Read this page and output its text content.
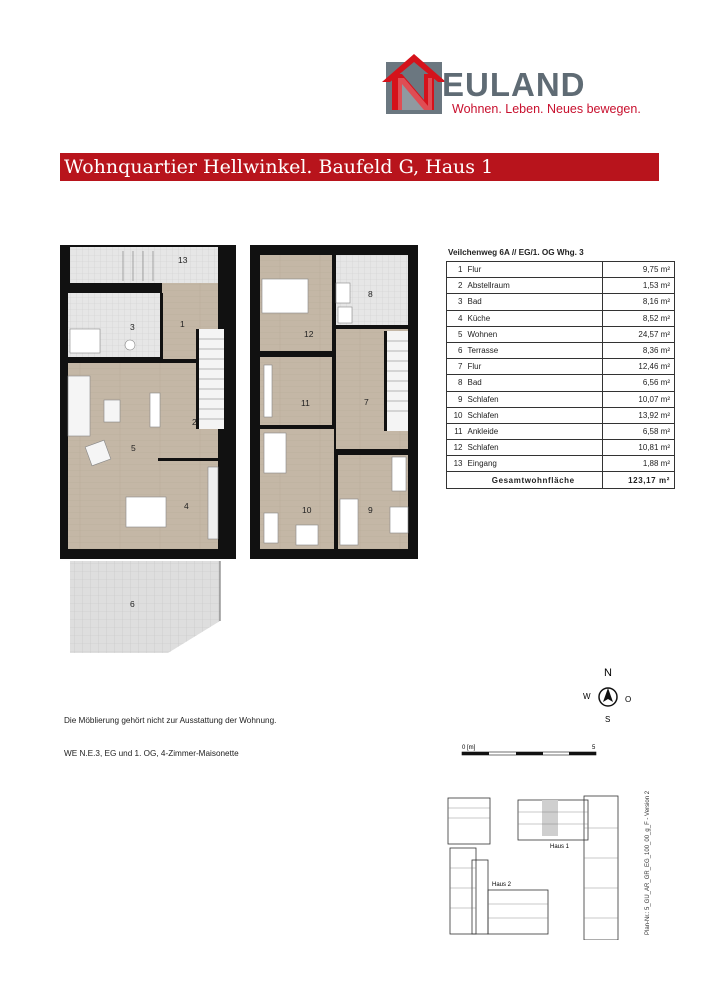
EULAND
Wohnen. Leben. Neues bewegen.
Wohnquartier Hellwinkel. Baufeld G, Haus 1
13
3	1
2
5
4
6
8
12
11	7
10	9
Veilchenweg 6A // EG/1. OG Whg. 3
1	Flur	9,75 m²
2	Abstellraum	1,53 m²
3	Bad	8,16 m²
4	Küche	8,52 m²
5	Wohnen	24,57 m²
6	Terrasse	8,36 m²
7	Flur	12,46 m²
8	Bad	6,56 m²
9	Schlafen	10,07 m²
10	Schlafen	13,92 m²
11	Ankleide	6,58 m²
12	Schlafen	10,81 m²
13	Eingang	1,88 m²
	Gesamtwohnfläche	123,17 m²
Die Möblierung gehört nicht zur Ausstattung der Wohnung.
WE N.E.3, EG und 1. OG, 4-Zimmer-Maisonette
N
W	O
S
0 [m]	5
Haus 1
Haus 2	Plan-Nr.: 5_GU_AR_GR_EG_100_00_g_F - Version 2
